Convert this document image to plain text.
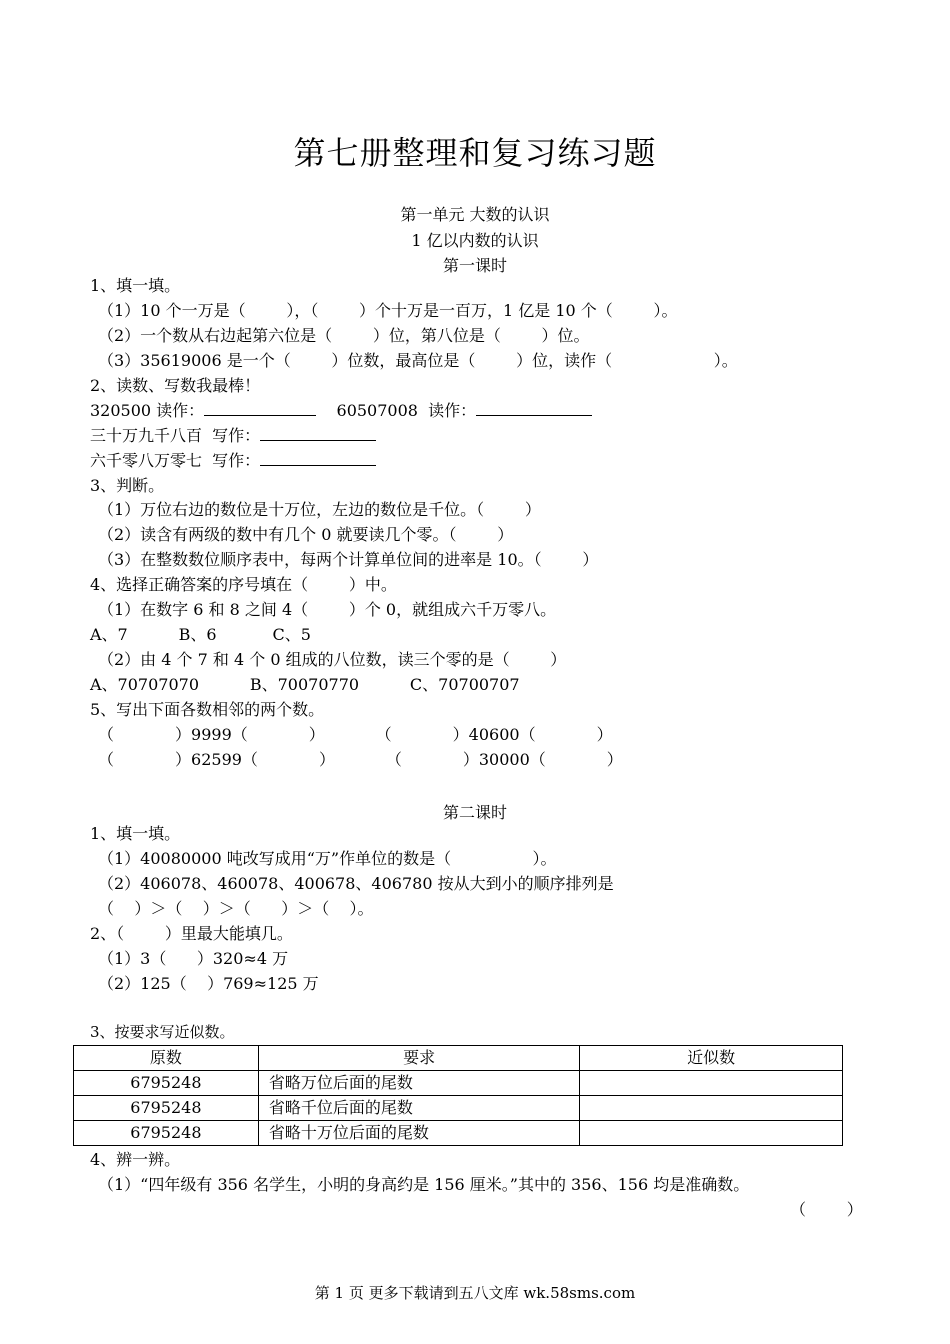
第七册整理和复习练习题
第一单元 大数的认识
1 亿以内数的认识
第一课时
1、填一填。
（1）10 个一万是（        ），（        ）个十万是一百万，1 亿是 10 个（        ）。
（2）一个数从右边起第六位是（        ）位，第八位是（        ）位。
（3）35619006 是一个（        ）位数，最高位是（        ）位，读作（                    ）。
2、读数、写数我最棒！
320500 读作：	60507008  读作：
三十万九千八百  写作：
六千零八万零七  写作：
3、判断。
（1）万位右边的数位是十万位，左边的数位是千位。（        ）
（2）读含有两级的数中有几个 0 就要读几个零。（        ）
（3）在整数数位顺序表中，每两个计算单位间的进率是 10。（        ）
4、选择正确答案的序号填在（        ）中。
（1）在数字 6 和 8 之间 4（        ）个 0，就组成六千万零八。
A、7          B、6           C、5
（2）由 4 个 7 和 4 个 0 组成的八位数，读三个零的是（        ）
A、70707070          B、70070770          C、70700707
5、写出下面各数相邻的两个数。
（            ）9999（            ）          （            ）40600（            ）
（            ）62599（            ）          （            ）30000（            ）
第二课时
1、填一填。
（1）40080000 吨改写成用“万”作单位的数是（                ）。
（2）406078、460078、400678、406780 按从大到小的顺序排列是
（    ）＞（    ）＞（      ）＞（    ）。
2、（        ）里最大能填几。
（1）3（      ）320≈4 万
（2）125（    ）769≈125 万
3、按要求写近似数。
原数	要求	近似数
6795248	省略万位后面的尾数	
6795248	省略千位后面的尾数	
6795248	省略十万位后面的尾数	
4、辨一辨。
（1）“四年级有 356 名学生，小明的身高约是 156 厘米。”其中的 356、156 均是准确数。
（        ）
第 1 页 更多下载请到五八文库 wk.58sms.com
